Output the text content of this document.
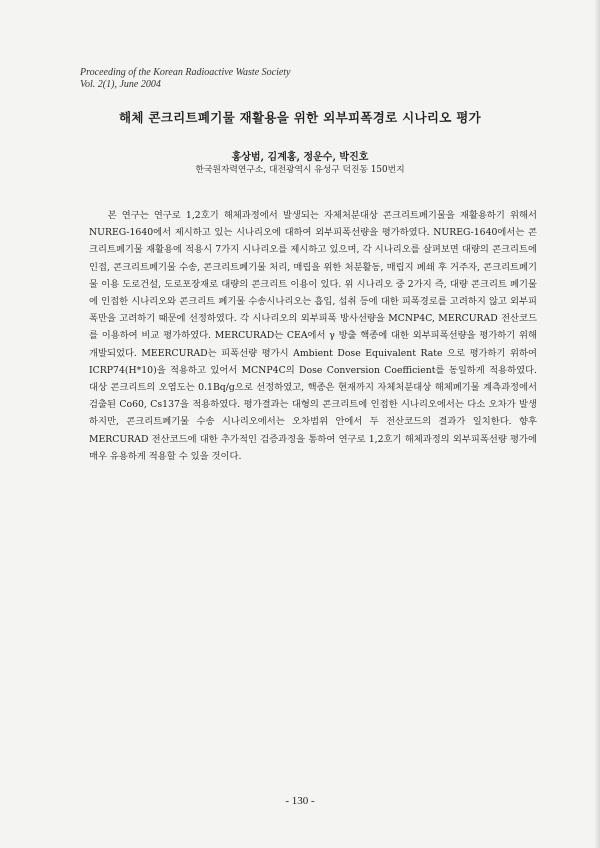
Proceeding of the Korean Radioactive Waste Society
Vol. 2(1), June 2004
해체 콘크리트폐기물 재활용을 위한 외부피폭경로 시나리오 평가
홍상범, 김계홍, 정운수, 박진호
한국원자력연구소, 대전광역시 유성구 덕진동 150번지

본 연구는 연구로 1,2호기 해체과정에서 발생되는 자체처분대상 콘크리트폐기물을 재활용하기 위해서 NUREG-1640에서 제시하고 있는 시나리오에 대하여 외부피폭선량을 평가하였다. NUREG-1640에서는 콘크리트폐기물 재활용에 적용시 7가지 시나리오를 제시하고 있으며, 각 시나리오를 살펴보면 대량의 콘크리트에 인접, 콘크리트폐기물 수송, 콘크리트폐기물 처리, 매립을 위한 처분활동, 매립지 폐쇄 후 거주자, 콘크리트폐기물 이용 도로건설, 도로포장재로 대량의 콘크리트 이용이 있다. 위 시나리오 중 2가지 즉, 대량 콘크리트 폐기물에 인접한 시나리오와 콘크리트 폐기물 수송시나리오는 흡입, 섭취 등에 대한 피폭경로를 고려하지 않고 외부피폭만을 고려하기 때문에 선정하였다. 각 시나리오의 외부피폭 방사선량을 MCNP4C, MERCURAD 전산코드를 이용하여 비교 평가하였다. MERCURAD는 CEA에서 γ 방출 핵종에 대한 외부피폭선량을 평가하기 위해 개발되었다. MEERCURAD는 피폭선량 평가시 Ambient Dose Equivalent Rate 으로 평가하기 위하여 ICRP74(H*10)을 적용하고 있어서 MCNP4C의 Dose Conversion Coefficient를 동일하게 적용하였다. 대상 콘크리트의 오염도는 0.1Bq/g으로 선정하였고, 핵종은 현재까지 자체처분대상 해체폐기물 계측과정에서 검출된 Co60, Cs137을 적용하였다. 평가결과는 대형의 콘크리트에 인접한 시나리오에서는 다소 오차가 발생하지만, 콘크리트폐기물 수송 시나리오에서는 오차범위 안에서 두 전산코드의 결과가 일치한다. 향후 MERCURAD 전산코드에 대한 추가적인 검증과정을 통하여 연구로 1,2호기 해체과정의 외부피폭선량 평가에 매우 유용하게 적용할 수 있을 것이다.

- 130 -
